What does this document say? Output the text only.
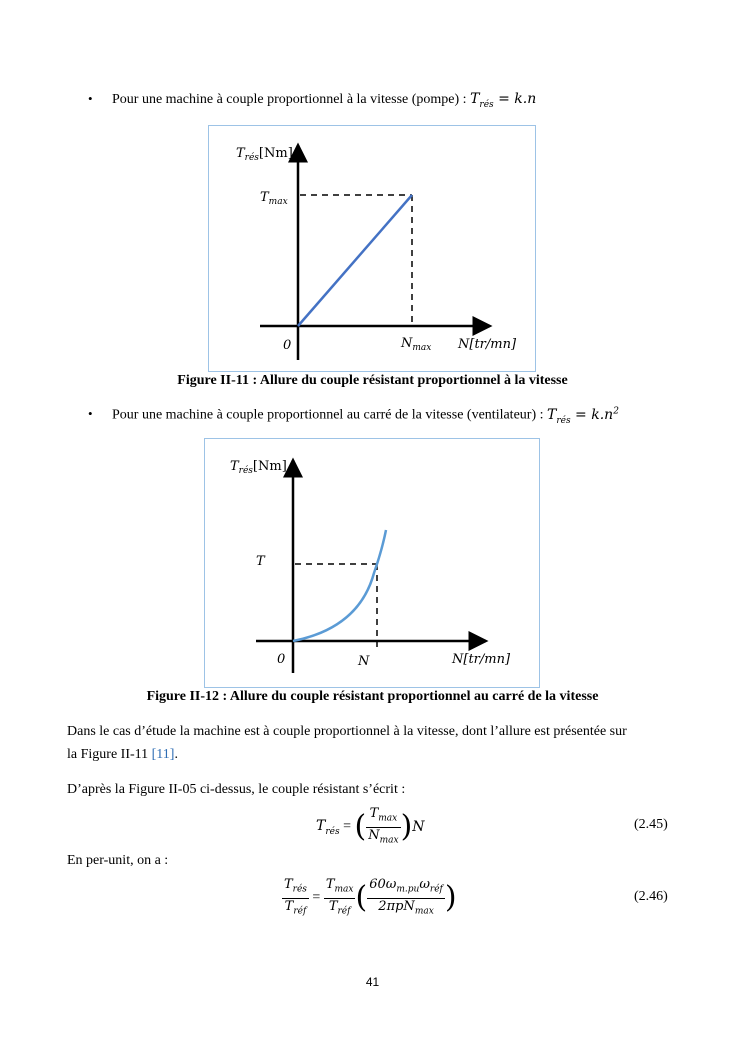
• Pour une machine à couple proportionnel à la vitesse (pompe) : $T_{rés} = k.n$
$T_{rés}[Nm]$
$T_{max}$
0	$N_{max}$ N[tr/mn]
Figure II-11 : Allure du couple résistant proportionnel à la vitesse
• Pour une machine à couple proportionnel au carré de la vitesse (ventilateur) : $T_{rés} = k.n^2$
$T_{rés}[Nm]$
T
0	N	N[tr/mn]
Figure II-12 : Allure du couple résistant proportionnel au carré de la vitesse
Dans le cas d’étude la machine est à couple proportionnel à la vitesse, dont l’allure est présentée sur
la Figure II-11 [11].
D’après la Figure II-05 ci-dessus, le couple résistant s’écrit :
$T_{rés}$ = ( $\frac{T_{max}}{N_{max}} )N$	(2.45)
En per-unit, on a :
$\frac{T_{rés}}{T_{réf}} = \frac{T_{max}}{T_{réf}}$ ( $\frac{60\omega_{m.pu}\omega_{réf}}{2\pi pN_{max}}$ )	(2.46)
41
